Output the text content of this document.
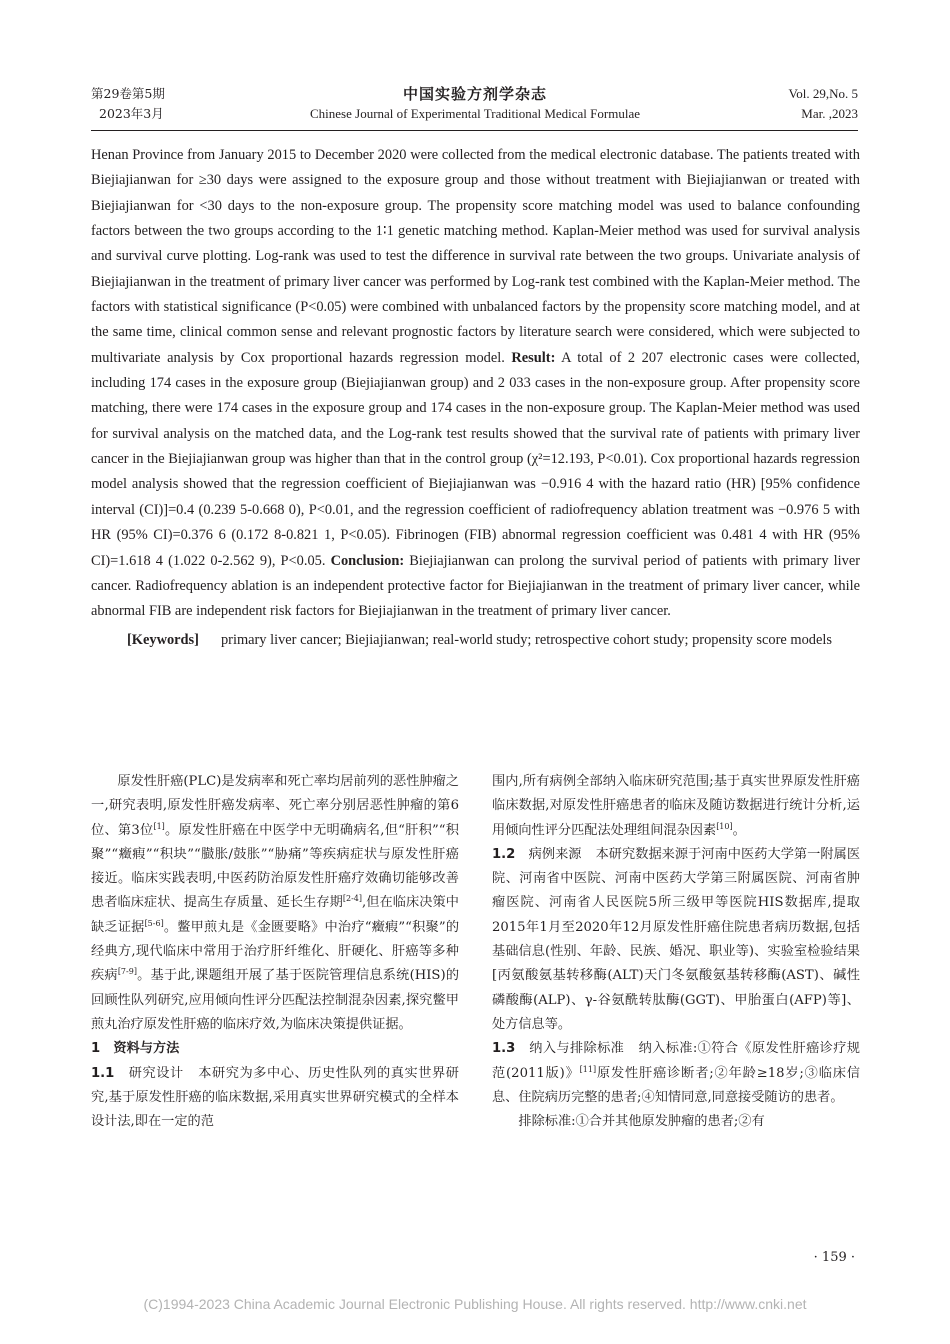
第29卷第5期
2023年3月
中国实验方剂学杂志
Chinese Journal of Experimental Traditional Medical Formulae
Vol. 29,No. 5
Mar. ,2023

Henan Province from January 2015 to December 2020 were collected from the medical electronic database. The patients treated with Biejiajianwan for ≥30 days were assigned to the exposure group and those without treatment with Biejiajianwan or treated with Biejiajianwan for <30 days to the non-exposure group. The propensity score matching model was used to balance confounding factors between the two groups according to the 1∶1 genetic matching method. Kaplan-Meier method was used for survival analysis and survival curve plotting. Log-rank was used to test the difference in survival rate between the two groups. Univariate analysis of Biejiajianwan in the treatment of primary liver cancer was performed by Log-rank test combined with the Kaplan-Meier method. The factors with statistical significance (P<0.05) were combined with unbalanced factors by the propensity score matching model, and at the same time, clinical common sense and relevant prognostic factors by literature search were considered, which were subjected to multivariate analysis by Cox proportional hazards regression model. Result: A total of 2 207 electronic cases were collected, including 174 cases in the exposure group (Biejiajianwan group) and 2 033 cases in the non-exposure group. After propensity score matching, there were 174 cases in the exposure group and 174 cases in the non-exposure group. The Kaplan-Meier method was used for survival analysis on the matched data, and the Log-rank test results showed that the survival rate of patients with primary liver cancer in the Biejiajianwan group was higher than that in the control group (χ²=12.193, P<0.01). Cox proportional hazards regression model analysis showed that the regression coefficient of Biejiajianwan was −0.916 4 with the hazard ratio (HR) [95% confidence interval (CI)]=0.4 (0.239 5-0.668 0), P<0.01, and the regression coefficient of radiofrequency ablation treatment was −0.976 5 with HR (95% CI)=0.376 6 (0.172 8-0.821 1, P<0.05). Fibrinogen (FIB) abnormal regression coefficient was 0.481 4 with HR (95% CI)=1.618 4 (1.022 0-2.562 9), P<0.05. Conclusion: Biejiajianwan can prolong the survival period of patients with primary liver cancer. Radiofrequency ablation is an independent protective factor for Biejiajianwan in the treatment of primary liver cancer, while abnormal FIB are independent risk factors for Biejiajianwan in the treatment of primary liver cancer.

[Keywords] primary liver cancer; Biejiajianwan; real-world study; retrospective cohort study; propensity score models

原发性肝癌(PLC)是发病率和死亡率均居前列的恶性肿瘤之一,研究表明,原发性肝癌发病率、死亡率分别居恶性肿瘤的第6位、第3位[1]。原发性肝癌在中医学中无明确病名,但“肝积”“积聚”“癥瘕”“积块”“臌胀/鼓胀”“胁痛”等疾病症状与原发性肝癌接近。临床实践表明,中医药防治原发性肝癌疗效确切能够改善患者临床症状、提高生存质量、延长生存期[2-4],但在临床决策中缺乏证据[5-6]。鳖甲煎丸是《金匮要略》中治疗“癥瘕”“积聚”的经典方,现代临床中常用于治疗肝纤维化、肝硬化、肝癌等多种疾病[7-9]。基于此,课题组开展了基于医院管理信息系统(HIS)的回顾性队列研究,应用倾向性评分匹配法控制混杂因素,探究鳖甲煎丸治疗原发性肝癌的临床疗效,为临床决策提供证据。

1　资料与方法

1.1　研究设计 本研究为多中心、历史性队列的真实世界研究,基于原发性肝癌的临床数据,采用真实世界研究模式的全样本设计法,即在一定的范

围内,所有病例全部纳入临床研究范围;基于真实世界原发性肝癌临床数据,对原发性肝癌患者的临床及随访数据进行统计分析,运用倾向性评分匹配法处理组间混杂因素[10]。

1.2　病例来源 本研究数据来源于河南中医药大学第一附属医院、河南省中医院、河南中医药大学第三附属医院、河南省肿瘤医院、河南省人民医院5所三级甲等医院HIS数据库,提取2015年1月至2020年12月原发性肝癌住院患者病历数据,包括基础信息(性别、年龄、民族、婚况、职业等)、实验室检验结果[丙氨酸氨基转移酶(ALT)天门冬氨酸氨基转移酶(AST)、碱性磷酸酶(ALP)、γ-谷氨酰转肽酶(GGT)、甲胎蛋白(AFP)等]、处方信息等。

1.3　纳入与排除标准 纳入标准:①符合《原发性肝癌诊疗规范(2011版)》[11]原发性肝癌诊断者;②年龄≥18岁;③临床信息、住院病历完整的患者;④知情同意,同意接受随访的患者。

排除标准:①合并其他原发肿瘤的患者;②有

· 159 ·
(C)1994-2023 China Academic Journal Electronic Publishing House. All rights reserved. http://www.cnki.net
